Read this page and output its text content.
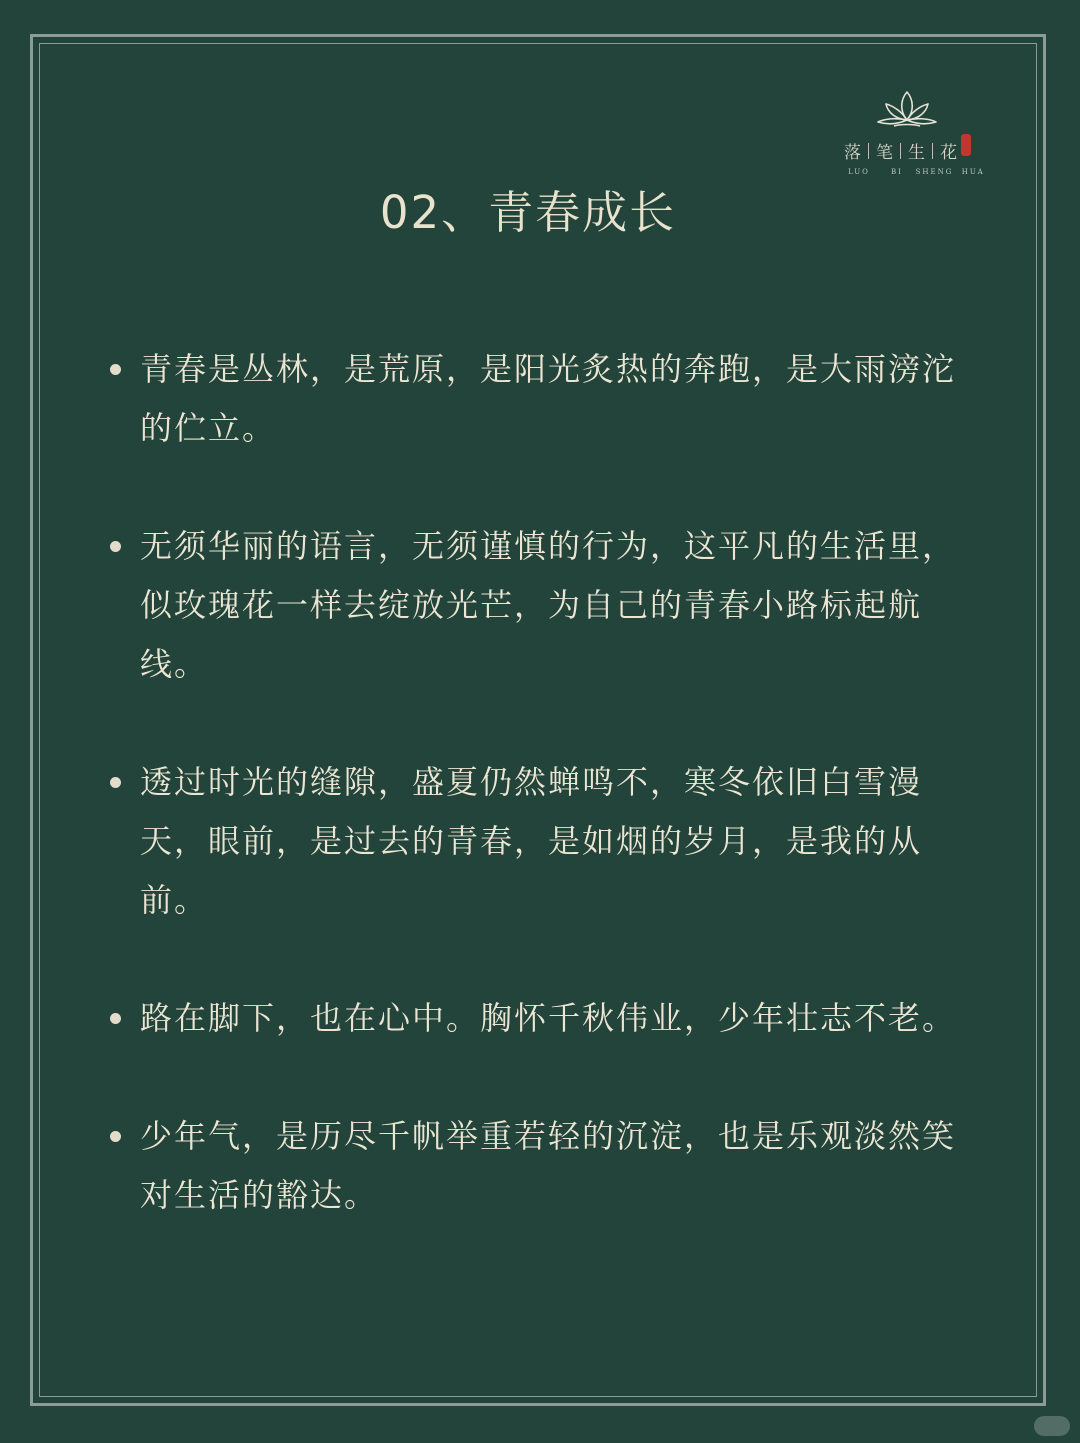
落 笔 生 花
LUO     BI   SHENG  HUA
02、青春成长
青春是丛林，是荒原，是阳光炙热的奔跑，是大雨滂沱的伫立。
无须华丽的语言，无须谨慎的行为，这平凡的生活里，似玫瑰花一样去绽放光芒，为自己的青春小路标起航线。
透过时光的缝隙，盛夏仍然蝉鸣不，寒冬依旧白雪漫天，眼前，是过去的青春，是如烟的岁月，是我的从前。
路在脚下，也在心中。胸怀千秋伟业，少年壮志不老。
少年气，是历尽千帆举重若轻的沉淀，也是乐观淡然笑对生活的豁达。
